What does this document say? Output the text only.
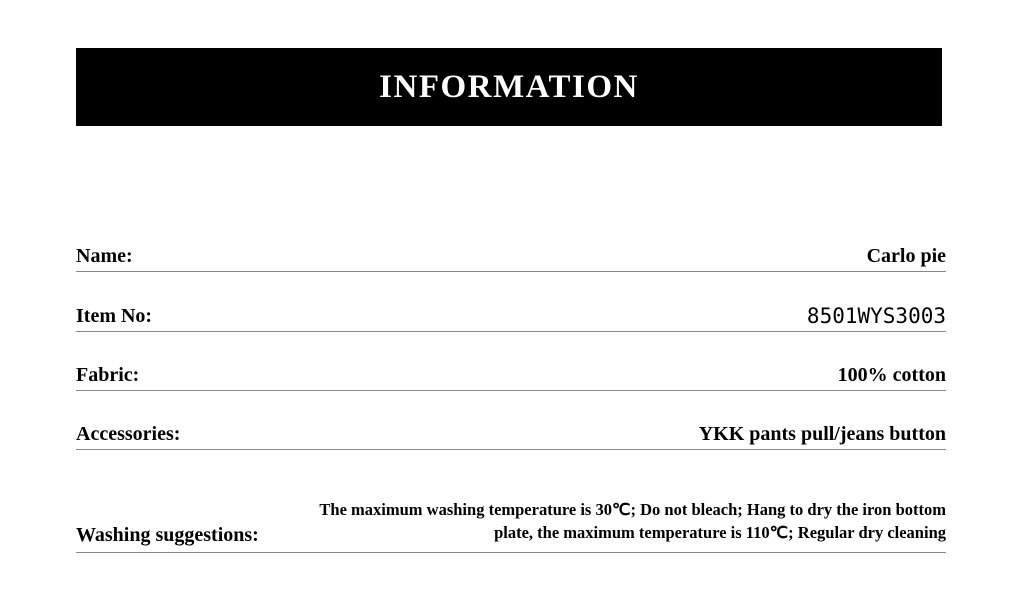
INFORMATION
Name:	Carlo pie
Item No:	8501WYS3003
Fabric:	100% cotton
Accessories:	YKK pants pull/jeans button
Washing suggestions:
The maximum washing temperature is 30℃; Do not bleach; Hang to dry the iron bottom plate, the maximum temperature is 110℃; Regular dry cleaning
